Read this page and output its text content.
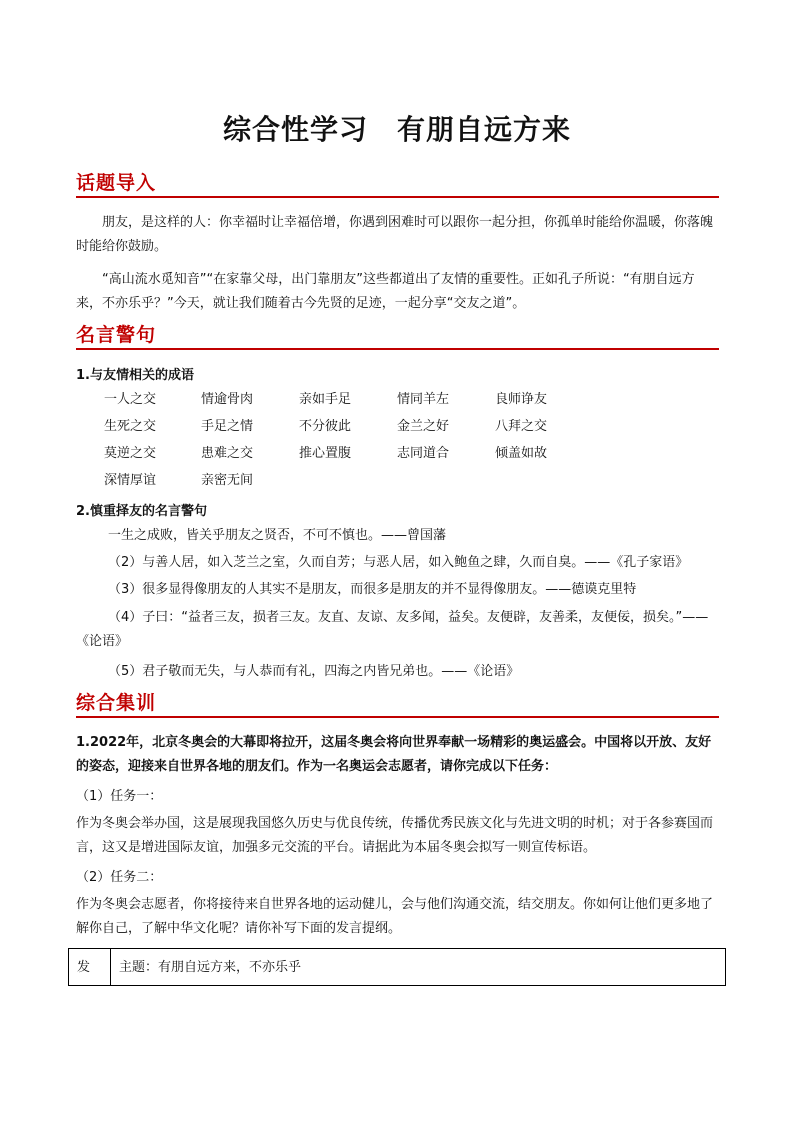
综合性学习　有朋自远方来
话题导入
朋友，是这样的人：你幸福时让幸福倍增，你遇到困难时可以跟你一起分担，你孤单时能给你温暖，你落魄时能给你鼓励。
“高山流水觅知音”“在家靠父母，出门靠朋友”这些都道出了友情的重要性。正如孔子所说：“有朋自远方来，不亦乐乎？”今天，就让我们随着古今先贤的足迹，一起分享“交友之道”。
名言警句
1.与友情相关的成语
一人之交	情逾骨肉	亲如手足	情同羊左	良师诤友
生死之交	手足之情	不分彼此	金兰之好	八拜之交
莫逆之交	患难之交	推心置腹	志同道合	倾盖如故
深情厚谊	亲密无间
2.慎重择友的名言警句
一生之成败，皆关乎朋友之贤否，不可不慎也。——曾国藩
（2）与善人居，如入芝兰之室，久而自芳；与恶人居，如入鲍鱼之肆，久而自臭。——《孔子家语》
（3）很多显得像朋友的人其实不是朋友，而很多是朋友的并不显得像朋友。——德谟克里特
（4）子曰：“益者三友，损者三友。友直、友谅、友多闻，益矣。友便辟，友善柔，友便佞，损矣。”——《论语》
（5）君子敬而无失，与人恭而有礼，四海之内皆兄弟也。——《论语》
综合集训
1.2022年，北京冬奥会的大幕即将拉开，这届冬奥会将向世界奉献一场精彩的奥运盛会。中国将以开放、友好的姿态，迎接来自世界各地的朋友们。作为一名奥运会志愿者，请你完成以下任务：
（1）任务一：
作为冬奥会举办国，这是展现我国悠久历史与优良传统，传播优秀民族文化与先进文明的时机；对于各参赛国而言，这又是增进国际友谊，加强多元交流的平台。请据此为本届冬奥会拟写一则宣传标语。
（2）任务二：
作为冬奥会志愿者，你将接待来自世界各地的运动健儿，会与他们沟通交流，结交朋友。你如何让他们更多地了解你自己，了解中华文化呢？请你补写下面的发言提纲。
发	主题：有朋自远方来，不亦乐乎
